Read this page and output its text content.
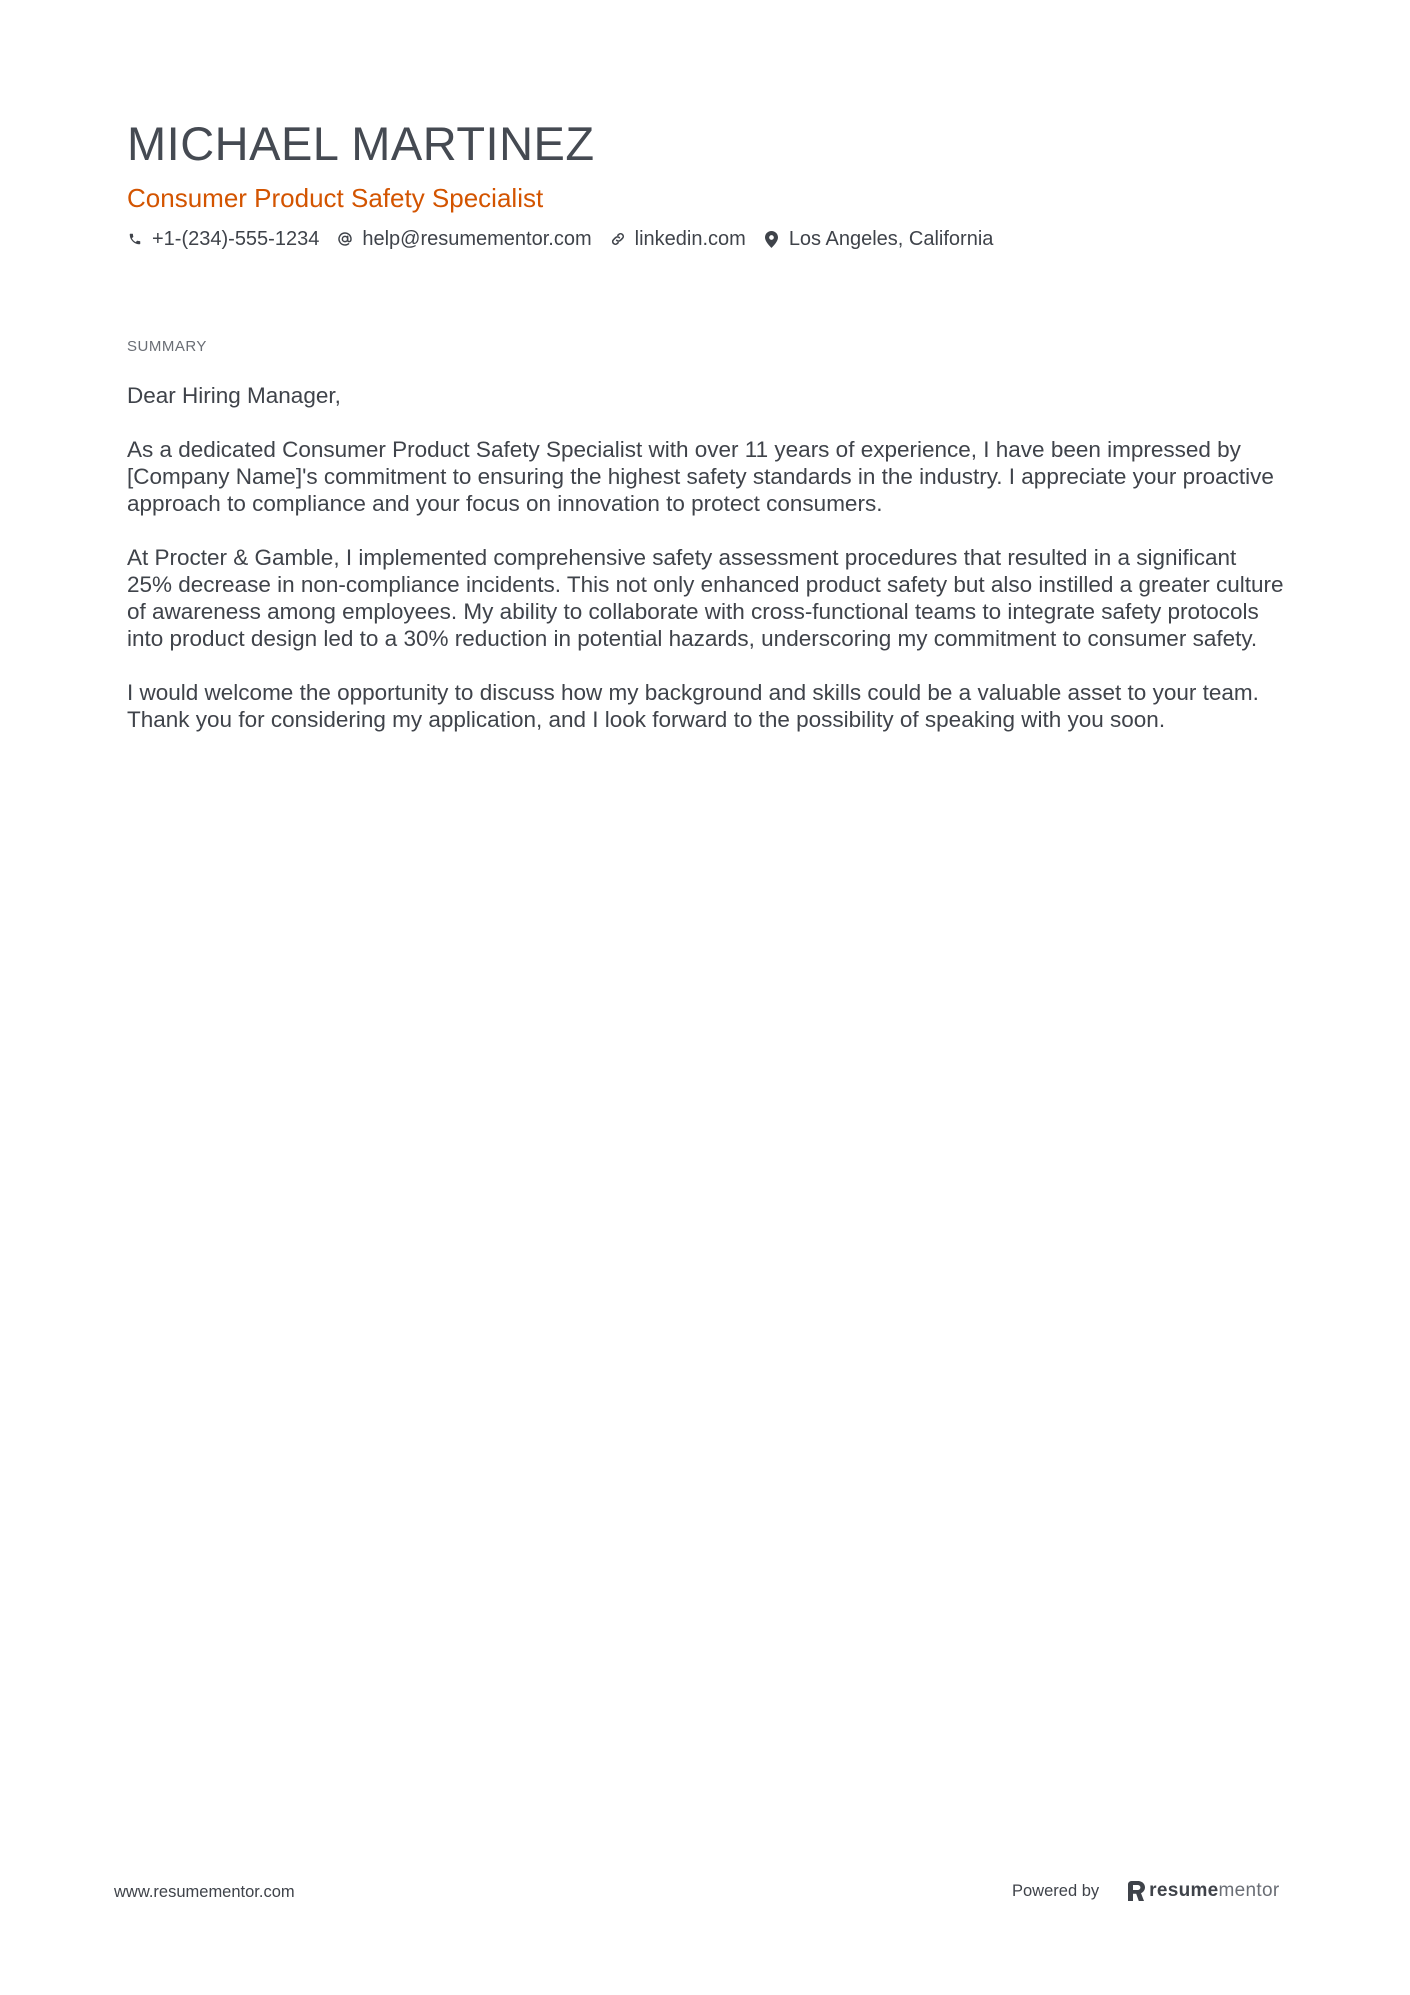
MICHAEL MARTINEZ
Consumer Product Safety Specialist
+1-(234)-555-1234 help@resumementor.com linkedin.com Los Angeles, California
SUMMARY

Dear Hiring Manager,

As a dedicated Consumer Product Safety Specialist with over 11 years of experience, I have been impressed by [Company Name]'s commitment to ensuring the highest safety standards in the industry. I appreciate your proactive approach to compliance and your focus on innovation to protect consumers.

At Procter & Gamble, I implemented comprehensive safety assessment procedures that resulted in a significant 25% decrease in non-compliance incidents. This not only enhanced product safety but also instilled a greater culture of awareness among employees. My ability to collaborate with cross-functional teams to integrate safety protocols into product design led to a 30% reduction in potential hazards, underscoring my commitment to consumer safety.

I would welcome the opportunity to discuss how my background and skills could be a valuable asset to your team. Thank you for considering my application, and I look forward to the possibility of speaking with you soon.

www.resumementor.com	Powered by	resumementor
